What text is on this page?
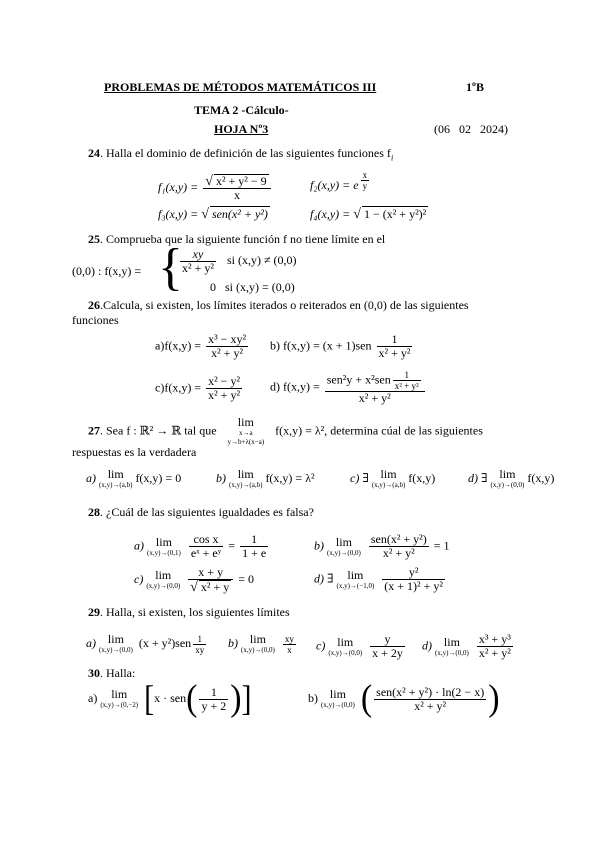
PROBLEMAS DE MÉTODOS MATEMÁTICOS III	1ºB
TEMA 2 -Cálculo-
HOJA Nº3	(06   02   2024)
24. Halla el dominio de definición de las siguientes funciones $f_i$
$f_1(x,y) = \frac{\text{√ x² + y² − 9}}{x}$	f₂(x,y) = e $\frac{x}{y}$
f₃(x,y) = √ sen(x² + y²)	f₄(x,y) = √ 1 − (x² + y²)²
25. Comprueba que la siguiente función f no tiene límite en el
(0,0) : f(x,y) = {
$\frac{xy}{\text{x² + y²}}$ si (x,y) ≠ (0,0)
0 si (x,y) = (0,0)
26.Calcula, si existen, los límites iterados o reiterados en (0,0) de las siguientes
funciones
$a)f(x,y) = \frac{\text{x³ − xy²}}{\text{x² + y²}} b$) $f(x,y) = (x + 1)sen \frac{1}{\text{x² + y²}}$
$c)f(x,y) = \frac{\text{x² − y²}}{\text{x² + y²}} d$) $f(x,y) = \frac{sen^2y + x^2sen \frac{1}{\text{x² + y²}}}{\text{x² + y²}}$
27. Sea f : ℝ² → ℝ tal que
lim
x→a
y→b+λ(x−a)
f(x,y) = λ², determina cúal de las siguientes
respuestas es la verdadera
a) lim
(x,y)→(a,b)
f(x,y) = 0	b) lim
(x,y)→(a,b)
f(x,y) = λ²	c) ∃ lim
(x,y)→(a,b)
f(x,y)	d) ∃ lim
(x,y)→(0,0)
f(x,y)
28. ¿Cuál de las siguientes igualdades es falsa?
a) lim
(x,y)→(0,1)
$\frac{\text{cos x}}{\text{eˣ + eʸ}} = \frac{1}{1 + e}$	b) lim
(x,y)→(0,0)
$\frac{\text{sen(x² + y²)}}{\text{x² + y²}} = 1$
c) lim
(x,y)→(0,0)
$\frac{x + y}{\text{√ x² + y}} = 0$	d) ∃	lim
(x,y)→(−1,0)
$\frac{\text{y²}}{\text{(x + 1)² + y²}}$
29. Halla, si existen, los siguientes límites
a) lim
(x,y)→(0,0)
$(x + y^2)sen \frac{1}{xy} b$) lim
(x,y)→(0,0)
$\frac{xy}{x} c$) lim
(x,y)→(0,0)
$\frac{y}{x + 2y} d$) lim
(x,y)→(0,0)
$\frac{\text{x³ + y³}}{\text{x² + y²}}$
30. Halla:
a)	lim
(x,y)→(0,−2) [$x \cdot sen( \frac{1}{y + 2}$ )]	b) lim
(x,y)→(0,0) ( $\frac{\text{sen(x² + y²) · ln(2 − x)}}{\text{x² + y²}}$ )
